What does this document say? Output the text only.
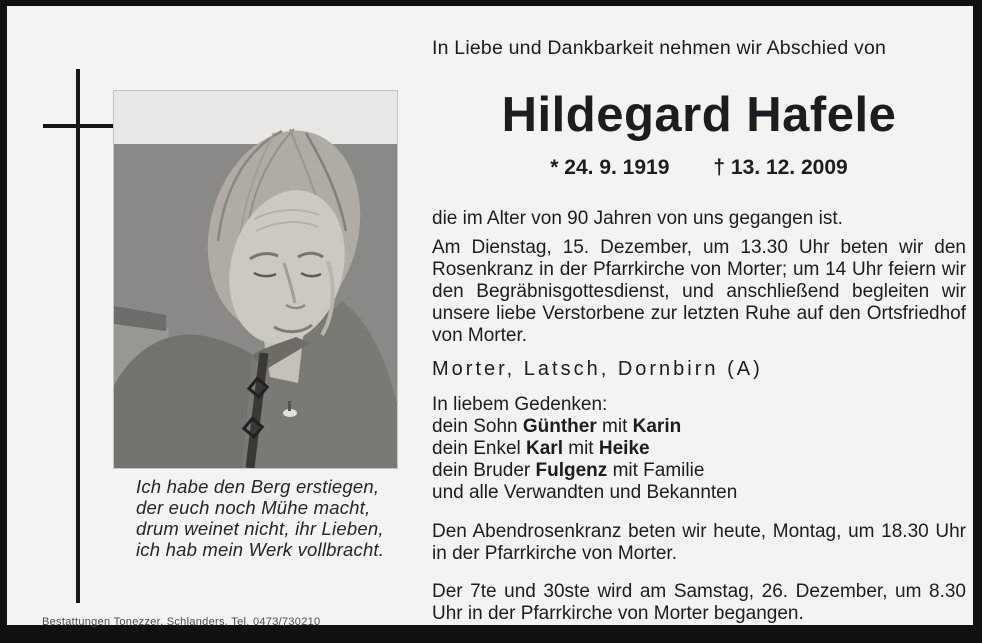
Ich habe den Berg erstiegen,
der euch noch Mühe macht,
drum weinet nicht, ihr Lieben,
ich hab mein Werk vollbracht.
Bestattungen Tonezzer, Schlanders, Tel. 0473/730210
In Liebe und Dankbarkeit nehmen wir Abschied von
Hildegard Hafele
* 24. 9. 1919 † 13. 12. 2009
die im Alter von 90 Jahren von uns gegangen ist.
Am Dienstag, 15. Dezember, um 13.30 Uhr beten wir den Rosenkranz in der Pfarrkirche von Morter; um 14 Uhr feiern wir den Begräbnisgottesdienst, und anschließend begleiten wir unsere liebe Verstorbene zur letzten Ruhe auf den Ortsfriedhof von Morter.
Morter, Latsch, Dornbirn (A)
In liebem Gedenken:
dein Sohn Günther mit Karin
dein Enkel Karl mit Heike
dein Bruder Fulgenz mit Familie
und alle Verwandten und Bekannten
Den Abendrosenkranz beten wir heute, Montag, um 18.30 Uhr in der Pfarrkirche von Morter.
Der 7te und 30ste wird am Samstag, 26. Dezember, um 8.30 Uhr in der Pfarrkirche von Morter begangen.
